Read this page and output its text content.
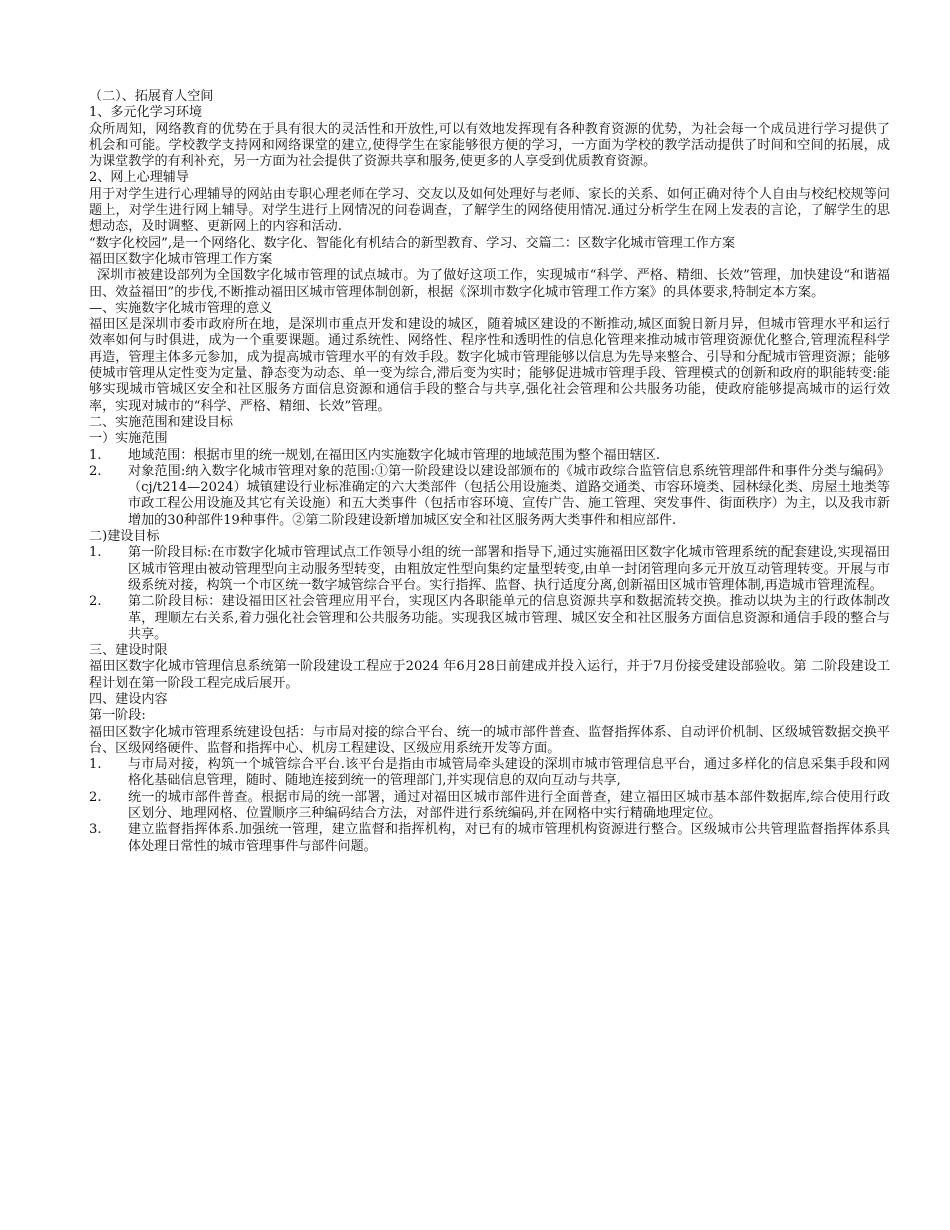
（二）、拓展育人空间

1、多元化学习环境

众所周知，网络教育的优势在于具有很大的灵活性和开放性,可以有效地发挥现有各种教育资源的优势，为社会每一个成员进行学习提供了机会和可能。学校教学支持网和网络课堂的建立,使得学生在家能够很方便的学习，一方面为学校的教学活动提供了时间和空间的拓展，成为课堂教学的有利补充，另一方面为社会提供了资源共享和服务,使更多的人享受到优质教育资源。

2、网上心理辅导

用于对学生进行心理辅导的网站由专职心理老师在学习、交友以及如何处理好与老师、家长的关系、如何正确对待个人自由与校纪校规等问题上，对学生进行网上辅导。对学生进行上网情况的问卷调查，了解学生的网络使用情况.通过分析学生在网上发表的言论，了解学生的思想动态，及时调整、更新网上的内容和活动.

“数字化校园”,是一个网络化、数字化、智能化有机结合的新型教育、学习、交篇二：区数字化城市管理工作方案

福田区数字化城市管理工作方案

深圳市被建设部列为全国数字化城市管理的试点城市。为了做好这项工作，实现城市“科学、严格、精细、长效”管理，加快建设“和谐福田、效益福田”的步伐,不断推动福田区城市管理体制创新，根据《深圳市数字化城市管理工作方案》的具体要求,特制定本方案。

—、实施数字化城市管理的意义

福田区是深圳市委市政府所在地，是深圳市重点开发和建设的城区，随着城区建设的不断推动,城区面貌日新月异，但城市管理水平和运行效率如何与时俱进，成为一个重要课题。通过系统性、网络性、程序性和透明性的信息化管理来推动城市管理资源优化整合,管理流程科学再造，管理主体多元参加，成为提高城市管理水平的有效手段。数字化城市管理能够以信息为先导来整合、引导和分配城市管理资源；能够使城市管理从定性变为定量、静态变为动态、单一变为综合,滞后变为实时；能够促进城市管理手段、管理模式的创新和政府的职能转变:能够实现城市管城区安全和社区服务方面信息资源和通信手段的整合与共享,强化社会管理和公共服务功能，使政府能够提高城市的运行效率，实现对城市的“科学、严格、精细、长效”管理。

二、实施范围和建设目标

一）实施范围

1.	地域范围：根据市里的统一规划,在福田区内实施数字化城市管理的地域范围为整个福田辖区.
2.	对象范围:纳入数字化城市管理对象的范围:①第一阶段建设以建设部颁布的《城市政综合监管信息系统管理部件和事件分类与编码》（cj/t214—2024）城镇建设行业标准确定的六大类部件（包括公用设施类、道路交通类、市容环境类、园林绿化类、房屋土地类等市政工程公用设施及其它有关设施）和五大类事件（包括市容环境、宣传广告、施工管理、突发事件、街面秩序）为主，以及我市新增加的30种部件19种事件。②第二阶段建设新增加城区安全和社区服务两大类事件和相应部件.

二)建设目标

1.	第一阶段目标:在市数字化城市管理试点工作领导小组的统一部署和指导下,通过实施福田区数字化城市管理系统的配套建设,实现福田区城市管理由被动管理型向主动服务型转变，由粗放定性型向集约定量型转变,由单一封闭管理向多元开放互动管理转变。开展与市级系统对接，构筑一个市区统一数字城管综合平台。实行指挥、监督、执行适度分离,创新福田区城市管理体制,再造城市管理流程。
2.	第二阶段目标：建设福田区社会管理应用平台，实现区内各职能单元的信息资源共享和数据流转交换。推动以块为主的行政体制改革，理顺左右关系,着力强化社会管理和公共服务功能。实现我区城市管理、城区安全和社区服务方面信息资源和通信手段的整合与共享。

三、建设时限

福田区数字化城市管理信息系统第一阶段建设工程应于2024 年6月28日前建成并投入运行，并于7月份接受建设部验收。第 二阶段建设工程计划在第一阶段工程完成后展开。

四、建设内容

第一阶段:

福田区数字化城市管理系统建设包括：与市局对接的综合平台、统一的城市部件普查、监督指挥体系、自动评价机制、区级城管数据交换平台、区级网络硬件、监督和指挥中心、机房工程建设、区级应用系统开发等方面。

1.	与市局对接，构筑一个城管综合平台.该平台是指由市城管局牵头建设的深圳市城市管理信息平台，通过多样化的信息采集手段和网格化基础信息管理，随时、随地连接到统一的管理部门,并实现信息的双向互动与共享,
2.	统一的城市部件普查。根据市局的统一部署，通过对福田区城市部件进行全面普查，建立福田区城市基本部件数据库,综合使用行政区划分、地理网格、位置顺序三种编码结合方法，对部件进行系统编码,并在网格中实行精确地理定位。
3.	建立监督指挥体系.加强统一管理，建立监督和指挥机构，对已有的城市管理机构资源进行整合。区级城市公共管理监督指挥体系具体处理日常性的城市管理事件与部件问题。
